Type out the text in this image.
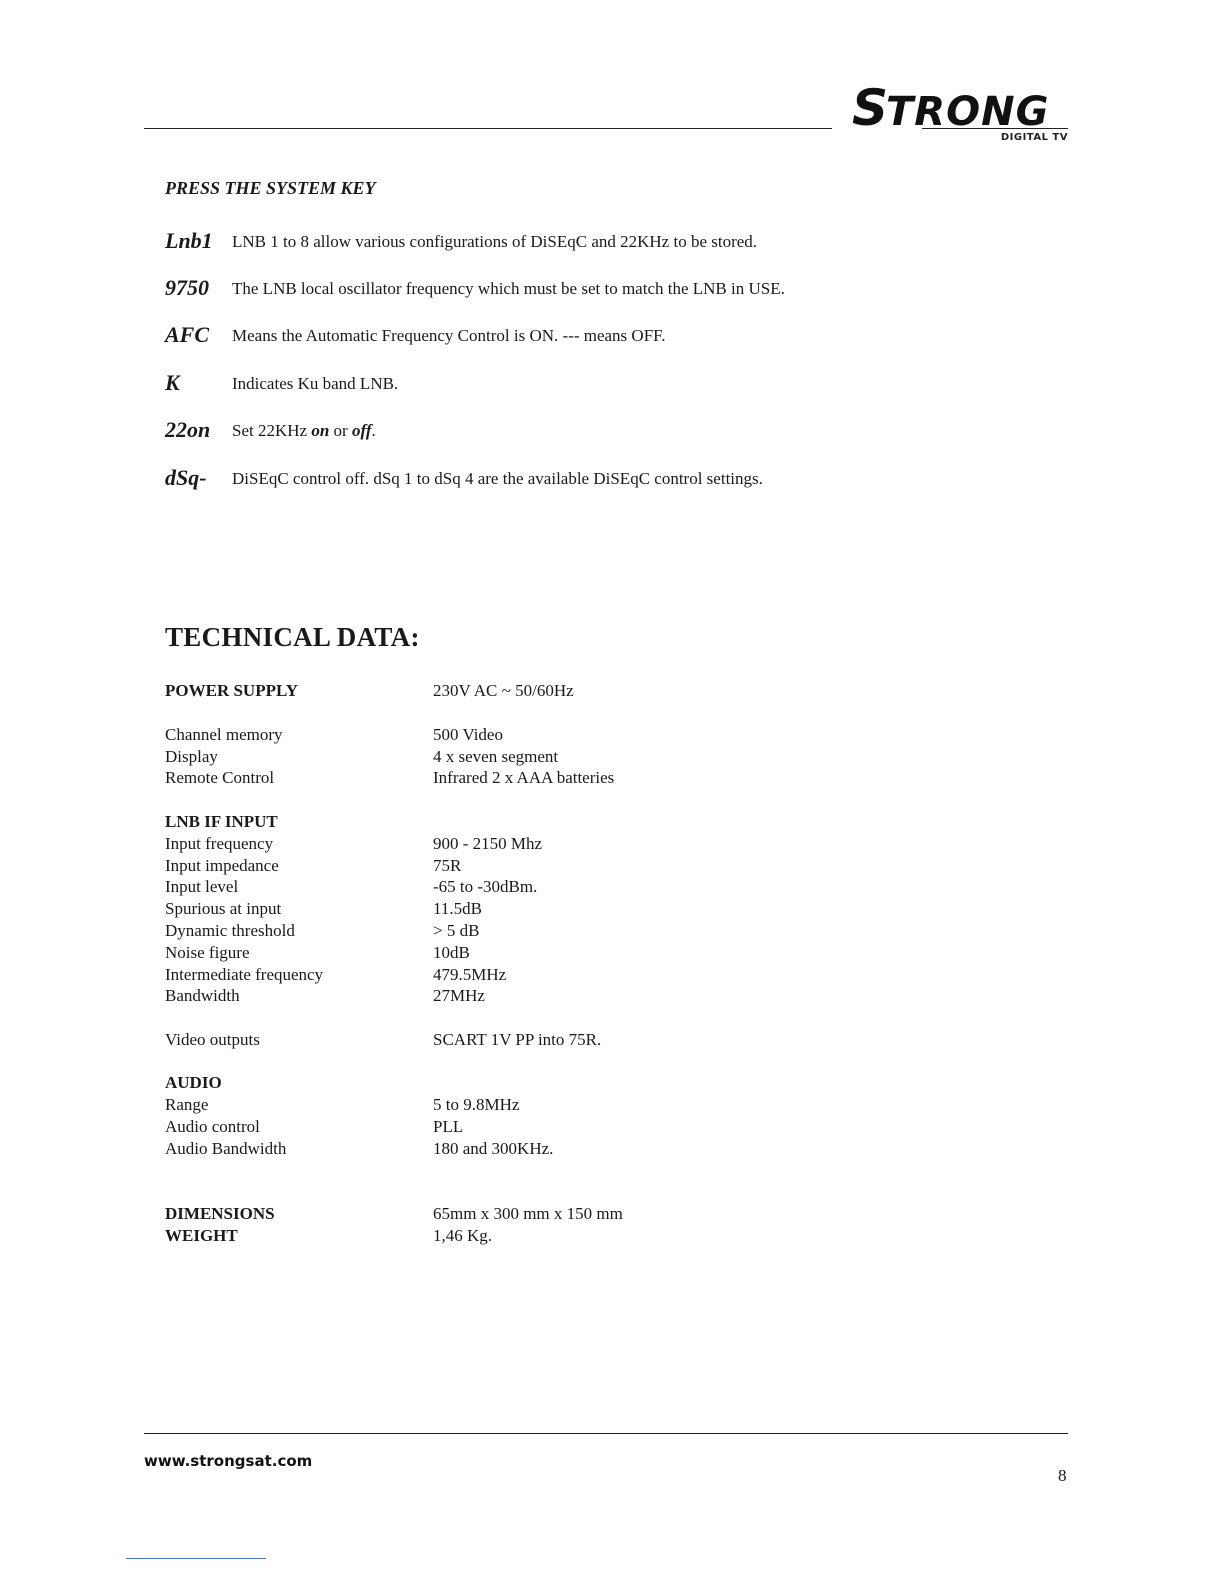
STRONG
DIGITAL TV
PRESS THE SYSTEM KEY
Lnb1 LNB 1 to 8 allow various configurations of DiSEqC and 22KHz to be stored.
9750 The LNB local oscillator frequency which must be set to match the LNB in USE.
AFC Means the Automatic Frequency Control is ON. --- means OFF.
K	Indicates Ku band LNB.
22on Set 22KHz on or off.
dSq- DiSEqC control off. dSq 1 to dSq 4 are the available DiSEqC control settings.
TECHNICAL DATA:
POWER SUPPLY	230V AC ~ 50/60Hz
Channel memory	500 Video
Display	4 x seven segment
Remote Control	Infrared 2 x AAA batteries
LNB IF INPUT
Input frequency	900 - 2150 Mhz
Input impedance	75R
Input level	-65 to -30dBm.
Spurious at input	11.5dB
Dynamic threshold	> 5 dB
Noise figure	10dB
Intermediate frequency	479.5MHz
Bandwidth	27MHz
Video outputs	SCART 1V PP into 75R.
AUDIO
Range	5 to 9.8MHz
Audio control	PLL
Audio Bandwidth	180 and 300KHz.
DIMENSIONS	65mm x 300 mm x 150 mm
WEIGHT	1,46 Kg.
www.strongsat.com
8
